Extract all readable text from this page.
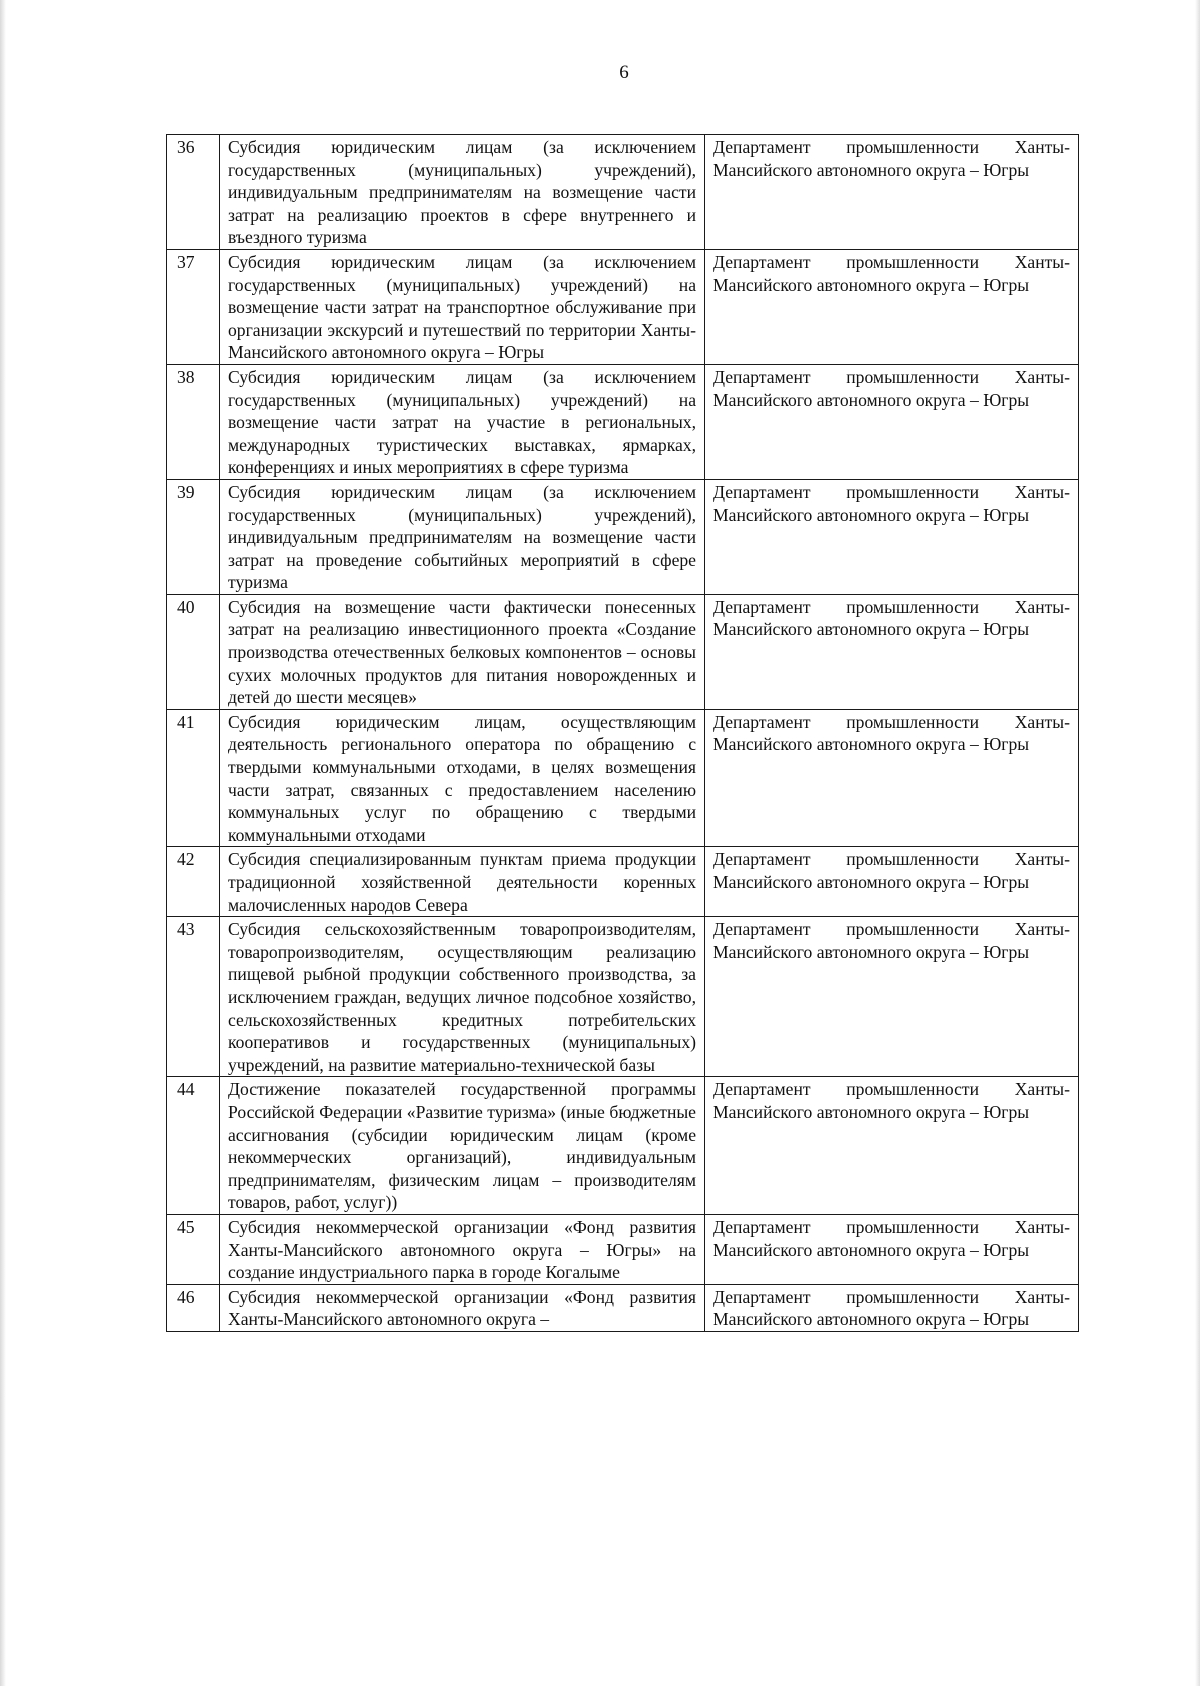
6
36	Субсидия юридическим лицам (за исключением государственных (муниципальных) учреждений), индивидуальным предпринимателям на возмещение части затрат на реализацию проектов в сфере внутреннего и въездного туризма	Департамент промышленности Ханты-Мансийского автономного округа – Югры
37	Субсидия юридическим лицам (за исключением государственных (муниципальных) учреждений) на возмещение части затрат на транспортное обслуживание при организации экскурсий и путешествий по территории Ханты-Мансийского автономного округа – Югры	Департамент промышленности Ханты-Мансийского автономного округа – Югры
38	Субсидия юридическим лицам (за исключением государственных (муниципальных) учреждений) на возмещение части затрат на участие в региональных, международных туристических выставках, ярмарках, конференциях и иных мероприятиях в сфере туризма	Департамент промышленности Ханты-Мансийского автономного округа – Югры
39	Субсидия юридическим лицам (за исключением государственных (муниципальных) учреждений), индивидуальным предпринимателям на возмещение части затрат на проведение событийных мероприятий в сфере туризма	Департамент промышленности Ханты-Мансийского автономного округа – Югры
40	Субсидия на возмещение части фактически понесенных затрат на реализацию инвестиционного проекта «Создание производства отечественных белковых компонентов – основы сухих молочных продуктов для питания новорожденных и детей до шести месяцев»	Департамент промышленности Ханты-Мансийского автономного округа – Югры
41	Субсидия юридическим лицам, осуществляющим деятельность регионального оператора по обращению с твердыми коммунальными отходами, в целях возмещения части затрат, связанных с предоставлением населению коммунальных услуг по обращению с твердыми коммунальными отходами	Департамент промышленности Ханты-Мансийского автономного округа – Югры
42	Субсидия специализированным пунктам приема продукции традиционной хозяйственной деятельности коренных малочисленных народов Севера	Департамент промышленности Ханты-Мансийского автономного округа – Югры
43	Субсидия сельскохозяйственным товаропроизводителям, товаропроизводителям, осуществляющим реализацию пищевой рыбной продукции собственного производства, за исключением граждан, ведущих личное подсобное хозяйство, сельскохозяйственных кредитных потребительских кооперативов и государственных (муниципальных) учреждений, на развитие материально-технической базы	Департамент промышленности Ханты-Мансийского автономного округа – Югры
44	Достижение показателей государственной программы Российской Федерации «Развитие туризма» (иные бюджетные ассигнования (субсидии юридическим лицам (кроме некоммерческих организаций), индивидуальным предпринимателям, физическим лицам – производителям товаров, работ, услуг))	Департамент промышленности Ханты-Мансийского автономного округа – Югры
45	Субсидия некоммерческой организации «Фонд развития Ханты-Мансийского автономного округа – Югры» на создание индустриального парка в городе Когалыме	Департамент промышленности Ханты-Мансийского автономного округа – Югры
46	Субсидия некоммерческой организации «Фонд развития Ханты-Мансийского автономного округа –	Департамент промышленности Ханты-Мансийского автономного округа – Югры
